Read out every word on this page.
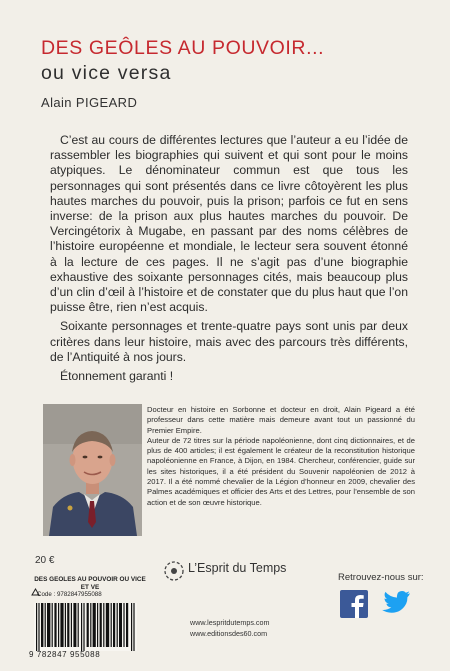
DES GEÔLES AU POUVOIR...
ou vice versa
Alain PIGEARD

C’est au cours de différentes lectures que l’auteur a eu l’idée de rassembler les biographies qui suivent et qui sont pour le moins atypiques. Le dénominateur commun est que tous les personnages qui sont présentés dans ce livre côtoyèrent les plus hautes marches du pouvoir, puis la prison; parfois ce fut en sens inverse: de la prison aux plus hautes marches du pouvoir. De Vercingétorix à Mugabe, en passant par des noms célèbres de l’histoire européenne et mondiale, le lecteur sera souvent étonné à la lecture de ces pages. Il ne s’agit pas d’une biographie exhaustive des soixante personnages cités, mais beaucoup plus d’un clin d’œil à l’histoire et de constater que du plus haut que l’on puisse être, rien n’est acquis.

Soixante personnages et trente-quatre pays sont unis par deux critères dans leur histoire, mais avec des parcours très différents, de l’Antiquité à nos jours.

Étonnement garanti !

Docteur en histoire en Sorbonne et docteur en droit, Alain Pigeard a été professeur dans cette matière mais demeure avant tout un passionné du Premier Empire.

Auteur de 72 titres sur la période napoléonienne, dont cinq dictionnaires, et de plus de 400 articles; il est également le créateur de la reconstitution historique napoléonienne en France, à Dijon, en 1984. Chercheur, conférencier, guide sur les sites historiques, il a été président du Souvenir napoléonien de 2012 à 2017. Il a été nommé chevalier de la Légion d’honneur en 2009, chevalier des Palmes académiques et officier des Arts et des Lettres, pour l’ensemble de son action et de son œuvre historique.

20 €
DES GEOLES AU POUVOIR OU VICE ET VE
Code : 9782847955088
9 782847 955088
L’Esprit du Temps
www.lespritdutemps.com
www.editionsdes60.com
Retrouvez-nous sur:
